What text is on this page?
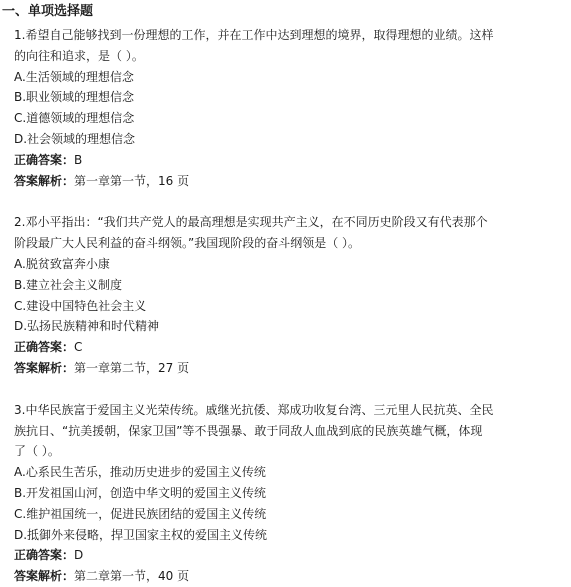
一、单项选择题
1.希望自己能够找到一份理想的工作，并在工作中达到理想的境界，取得理想的业绩。这样
的向往和追求，是（ ）。
A.生活领域的理想信念
B.职业领域的理想信念
C.道德领域的理想信念
D.社会领域的理想信念
正确答案：B
答案解析：第一章第一节，16 页
2.邓小平指出：“我们共产党人的最高理想是实现共产主义，在不同历史阶段又有代表那个
阶段最广大人民利益的奋斗纲领。”我国现阶段的奋斗纲领是（ ）。
A.脱贫致富奔小康
B.建立社会主义制度
C.建设中国特色社会主义
D.弘扬民族精神和时代精神
正确答案：C
答案解析：第一章第二节，27 页
3.中华民族富于爱国主义光荣传统。戚继光抗倭、郑成功收复台湾、三元里人民抗英、全民
族抗日、“抗美援朝，保家卫国”等不畏强暴、敢于同敌人血战到底的民族英雄气概，体现
了（ ）。
A.心系民生苦乐，推动历史进步的爱国主义传统
B.开发祖国山河，创造中华文明的爱国主义传统
C.维护祖国统一，促进民族团结的爱国主义传统
D.抵御外来侵略，捍卫国家主权的爱国主义传统
正确答案：D
答案解析：第二章第一节，40 页
